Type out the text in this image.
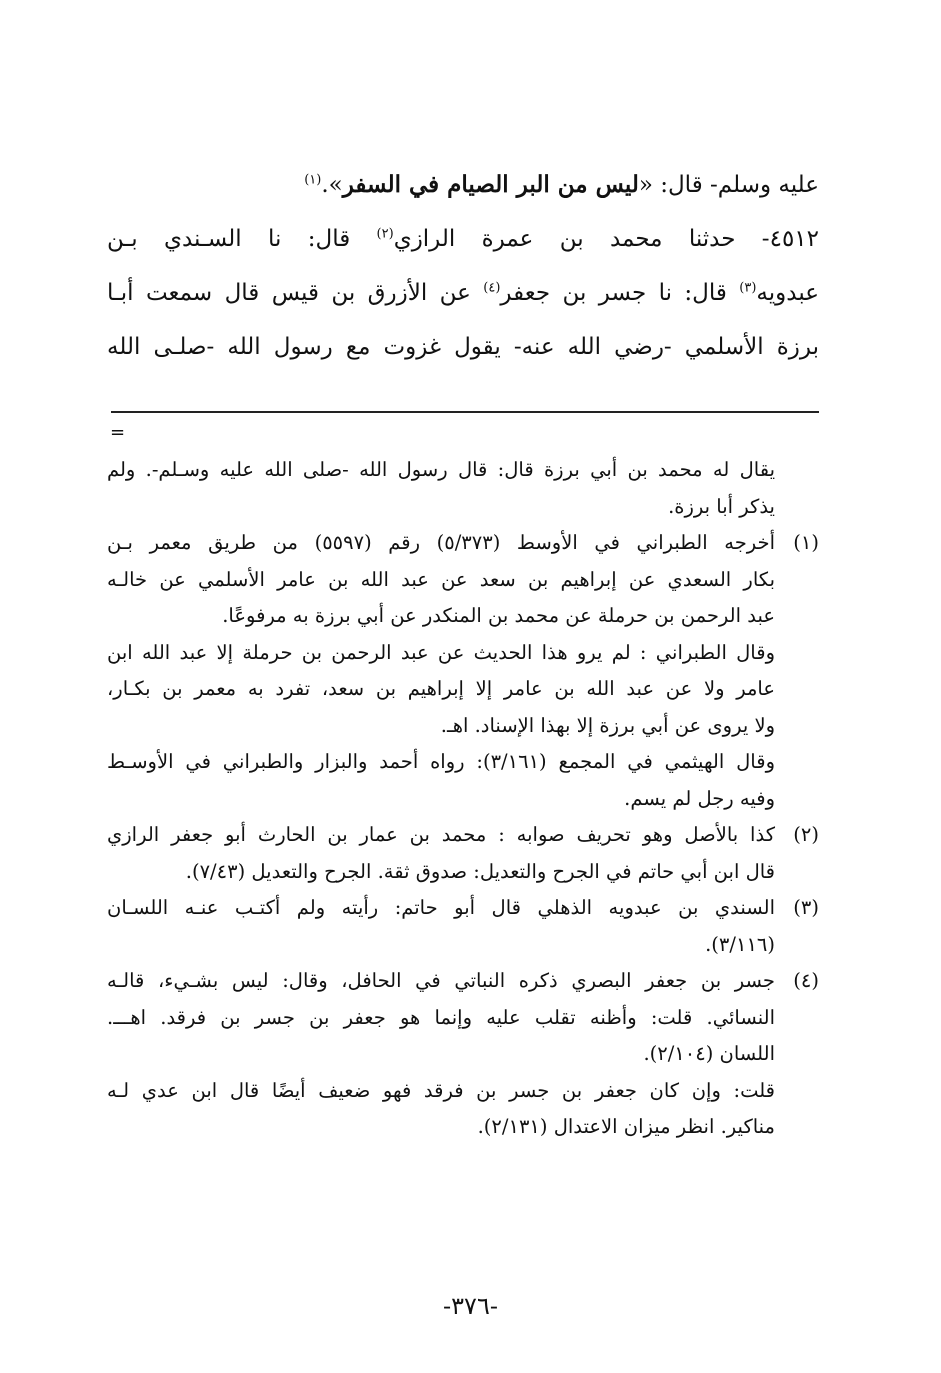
عليه وسلم- قال: «ليس من البر الصيام في السفر».$^{(١)}$

٤٥١٢- حدثنا محمد بن عمرة الرازي$^{(٢)}$ قال: نا السـندي بـن

عبدويه$^{(٣)}$ قال: نا جسر بن جعفر$^{(٤)}$ عن الأزرق بن قيس قال سمعت أبـا

برزة الأسلمي -رضي الله عنه- يقول غزوت مع رسول الله -صلـى الله

=
يقال له محمد بن أبي برزة قال: قال رسول الله -صلى الله عليه وسـلم-. ولم
يذكر أبا برزة.
(١)أخرجه الطبراني في الأوسط (٥/٣٧٣) رقم (٥٥٩٧) من طريق معمر بـن
بكار السعدي عن إبراهيم بن سعد عن عبد الله بن عامر الأسلمي عن خالـه
عبد الرحمن بن حرملة عن محمد بن المنكدر عن أبي برزة به مرفوعًا.
وقال الطبراني : لم يرو هذا الحديث عن عبد الرحمن بن حرملة إلا عبد الله ابن
عامر ولا عن عبد الله بن عامر إلا إبراهيم بن سعد، تفرد به معمر بن بكـار،
ولا يروى عن أبي برزة إلا بهذا الإسناد. اهـ.
وقال الهيثمي في المجمع (٣/١٦١): رواه أحمد والبزار والطبراني في الأوسـط
وفيه رجل لم يسم.
(٢)كذا بالأصل وهو تحريف صوابه : محمد بن عمار بن الحارث أبو جعفر الرازي
قال ابن أبي حاتم في الجرح والتعديل: صدوق ثقة. الجرح والتعديل (٧/٤٣).
(٣)السندي بن عبدويه الذهلي قال أبو حاتم: رأيته ولم أكتـب عنـه اللسـان
(٣/١١٦).
(٤)جسر بن جعفر البصري ذكره النباتي في الحافل، وقال: ليس بشـيء، قالـه
النسائي. قلت: وأظنه تقلب عليه وإنما هو جعفر بن جسر بن فرقد. اهـــ.
اللسان (٢/١٠٤).
قلت: وإن كان جعفر بن جسر بن فرقد فهو ضعيف أيضًا قال ابن عدي لـه
مناكير. انظر ميزان الاعتدال (٢/١٣١).
-٣٧٦-
